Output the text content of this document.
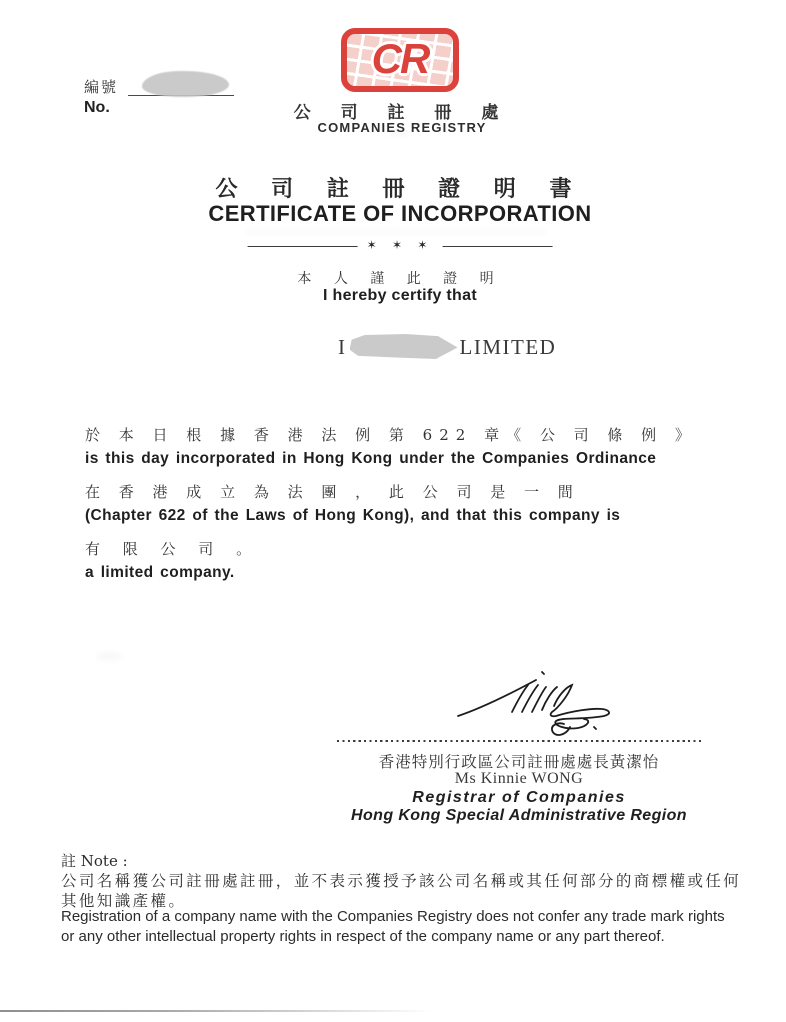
編號
No.
CR
公 司 註 冊 處
COMPANIES REGISTRY
公 司 註 冊 證 明 書
CERTIFICATE OF INCORPORATION
✶ ✶ ✶
本 人 謹 此 證 明
I hereby certify that
I	LIMITED
於 本 日 根 據 香 港 法 例 第 622 章《 公 司 條 例 》
is this day incorporated in Hong Kong under the Companies Ordinance
在 香 港 成 立 為 法 團 ， 此 公 司 是 一 間
(Chapter 622 of the Laws of Hong Kong), and that this company is
有 限 公 司 。
a limited company.
香港特別行政區公司註冊處處長黃潔怡
Ms Kinnie WONG
Registrar of Companies
Hong Kong Special Administrative Region
註 Note :
公司名稱獲公司註冊處註冊，並不表示獲授予該公司名稱或其任何部分的商標權或任何
其他知識產權。
Registration of a company name with the Companies Registry does not confer any trade mark rights
or any other intellectual property rights in respect of the company name or any part thereof.
